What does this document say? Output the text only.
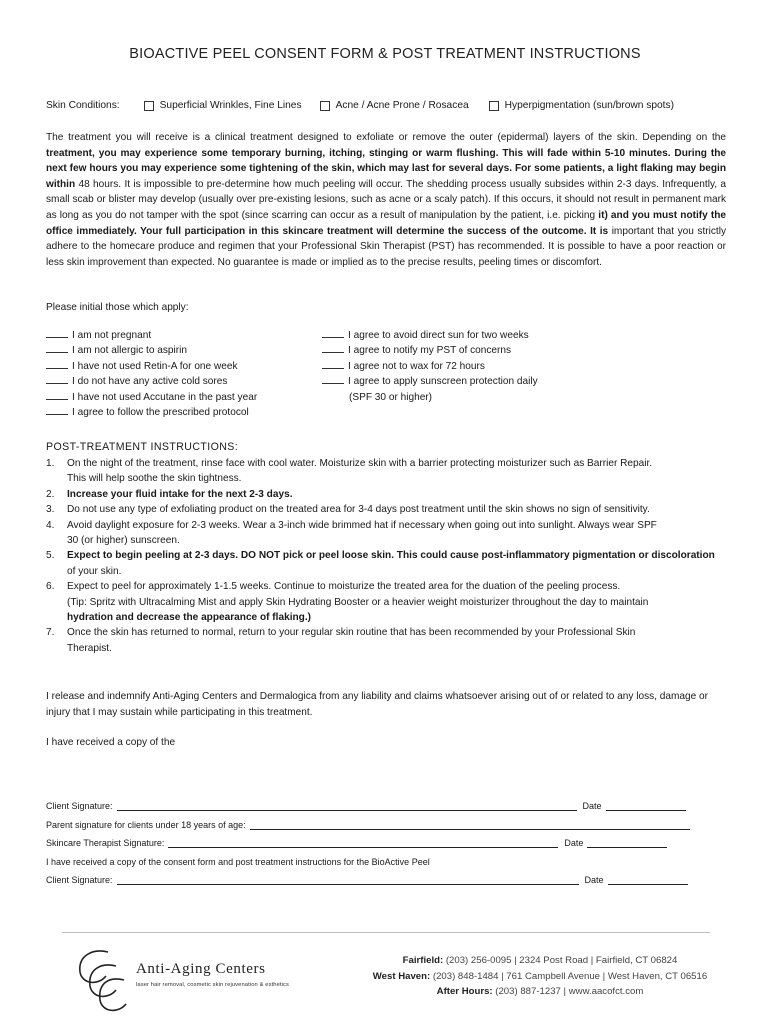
BIOACTIVE PEEL CONSENT FORM & POST TREATMENT INSTRUCTIONS
Skin Conditions:	Superficial Wrinkles, Fine Lines	Acne / Acne Prone / Rosacea	Hyperpigmentation (sun/brown spots)

The treatment you will receive is a clinical treatment designed to exfoliate or remove the outer (epidermal) layers of the skin. Depending on the treatment, you may experience some temporary burning, itching, stinging or warm flushing. This will fade within 5-10 minutes. During the next few hours you may experience some tightening of the skin, which may last for several days. For some patients, a light flaking may begin within 48 hours. It is impossible to pre-determine how much peeling will occur. The shedding process usually subsides within 2-3 days. Infrequently, a small scab or blister may develop (usually over pre-existing lesions, such as acne or a scaly patch). If this occurs, it should not result in permanent mark as long as you do not tamper with the spot (since scarring can occur as a result of manipulation by the patient, i.e. picking it) and you must notify the office immediately. Your full participation in this skincare treatment will determine the success of the outcome. It is important that you strictly adhere to the homecare produce and regimen that your Professional Skin Therapist (PST) has recommended. It is possible to have a poor reaction or less skin improvement than expected. No guarantee is made or implied as to the precise results, peeling times or discomfort.

Please initial those which apply:
I am not pregnant
I am not allergic to aspirin
I have not used Retin-A for one week
I do not have any active cold sores
I have not used Accutane in the past year
I agree to follow the prescribed protocol
I agree to avoid direct sun for two weeks
I agree to notify my PST of concerns
I agree not to wax for 72 hours
I agree to apply sunscreen protection daily
(SPF 30 or higher)
POST-TREATMENT INSTRUCTIONS:
1.	On the night of the treatment, rinse face with cool water. Moisturize skin with a barrier protecting moisturizer such as Barrier Repair.
This will help soothe the skin tightness.
2.	Increase your fluid intake for the next 2-3 days.
3.	Do not use any type of exfoliating product on the treated area for 3-4 days post treatment until the skin shows no sign of sensitivity.
4.	Avoid daylight exposure for 2-3 weeks. Wear a 3-inch wide brimmed hat if necessary when going out into sunlight. Always wear SPF
30 (or higher) sunscreen.
5.	Expect to begin peeling at 2-3 days. DO NOT pick or peel loose skin. This could cause post-inflammatory pigmentation or discoloration
of your skin.
6.	Expect to peel for approximately 1-1.5 weeks. Continue to moisturize the treated area for the duation of the peeling process.
(Tip: Spritz with Ultracalming Mist and apply Skin Hydrating Booster or a heavier weight moisturizer throughout the day to maintain
hydration and decrease the appearance of flaking.)
7.	Once the skin has returned to normal, return to your regular skin routine that has been recommended by your Professional Skin
Therapist.
I release and indemnify Anti-Aging Centers and Dermalogica from any liability and claims whatsoever arising out of or related to any loss, damage or injury that I may sustain while participating in this treatment.
I have received a copy of the
Client Signature:	Date
Parent signature for clients under 18 years of age:
Skincare Therapist Signature:	Date
I have received a copy of the consent form and post treatment instructions for the BioActive Peel
Client Signature:	Date
Anti-Aging Centers
laser hair removal, cosmetic skin rejuvenation & esthetics
Fairfield: (203) 256-0095 | 2324 Post Road | Fairfield, CT 06824
West Haven: (203) 848-1484 | 761 Campbell Avenue | West Haven, CT 06516
After Hours: (203) 887-1237 | www.aacofct.com
